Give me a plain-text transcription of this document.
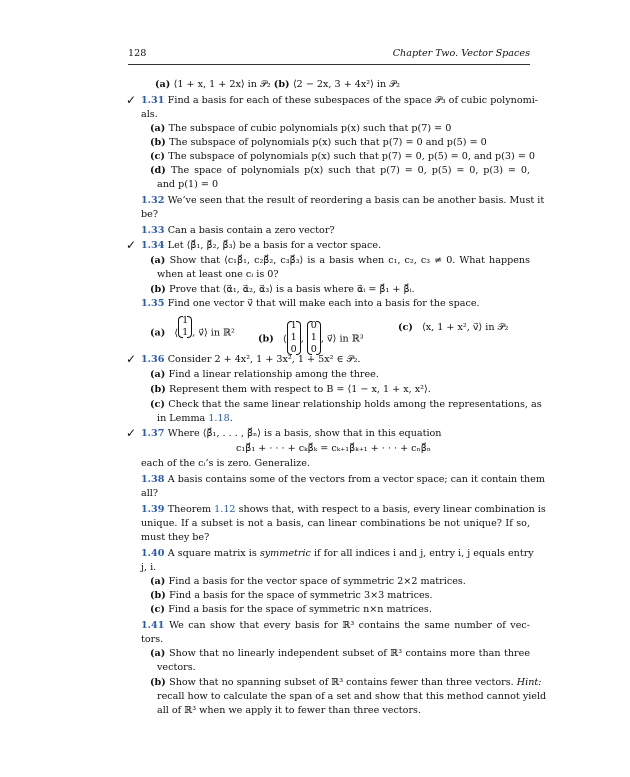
128	Chapter Two. Vector Spaces
(a) ⟨1 + x, 1 + 2x⟩ in 𝒫₂ (b) ⟨2 − 2x, 3 + 4x²⟩ in 𝒫₂
✓ 1.31 Find a basis for each of these subespaces of the space 𝒫₃ of cubic polynomi-
als.
(a) The subspace of cubic polynomials p(x) such that p(7) = 0
(b) The subspace of polynomials p(x) such that p(7) = 0 and p(5) = 0
(c) The subspace of polynomials p(x) such that p(7) = 0, p(5) = 0, and p(3) = 0
(d) The space of polynomials p(x) such that p(7) = 0, p(5) = 0, p(3) = 0,
and p(1) = 0
1.32 We’ve seen that the result of reordering a basis can be another basis. Must it
be?
1.33 Can a basis contain a zero vector?
✓ 1.34 Let ⟨β⃗₁, β⃗₂, β⃗₃⟩ be a basis for a vector space.
(a) Show that ⟨c₁β⃗₁, c₂β⃗₂, c₃β⃗₃⟩ is a basis when c₁, c₂, c₃ ≠ 0. What happens
when at least one cᵢ is 0?
(b) Prove that ⟨α⃗₁, α⃗₂, α⃗₃⟩ is a basis where α⃗ᵢ = β⃗₁ + β⃗ᵢ.
1.35 Find one vector v⃗ that will make each into a basis for the space.
✓ 1.36 Consider 2 + 4x², 1 + 3x², 1 + 5x² ∈ 𝒫₂.
(a) Find a linear relationship among the three.
(b) Represent them with respect to B = ⟨1 − x, 1 + x, x²⟩.
(c) Check that the same linear relationship holds among the representations, as
in Lemma 1.18.
✓ 1.37 Where ⟨β⃗₁, . . . , β⃗ₙ⟩ is a basis, show that in this equation
c₁β⃗₁ + · · · + cₖβ⃗ₖ = cₖ₊₁β⃗ₖ₊₁ + · · · + cₙβ⃗ₙ
each of the cᵢ’s is zero. Generalize.
1.38 A basis contains some of the vectors from a vector space; can it contain them
all?
1.39 Theorem 1.12 shows that, with respect to a basis, every linear combination is
unique. If a subset is not a basis, can linear combinations be not unique? If so,
must they be?
1.40 A square matrix is symmetric if for all indices i and j, entry i, j equals entry
j, i.
(a) Find a basis for the vector space of symmetric 2×2 matrices.
(b) Find a basis for the space of symmetric 3×3 matrices.
(c) Find a basis for the space of symmetric n×n matrices.
1.41 We can show that every basis for ℝ³ contains the same number of vec-
tors.
(a) Show that no linearly independent subset of ℝ³ contains more than three
vectors.
(b) Show that no spanning subset of ℝ³ contains fewer than three vectors. Hint:
recall how to calculate the span of a set and show that this method cannot yield
all of ℝ³ when we apply it to fewer than three vectors.
(a) ⟨
1
1 , v⃗⟩ in ℝ²
(b) ⟨
1
1
0
,
0
1
0
, v⃗⟩ in ℝ³
(c) ⟨x, 1 + x², v⃗⟩ in 𝒫₂
